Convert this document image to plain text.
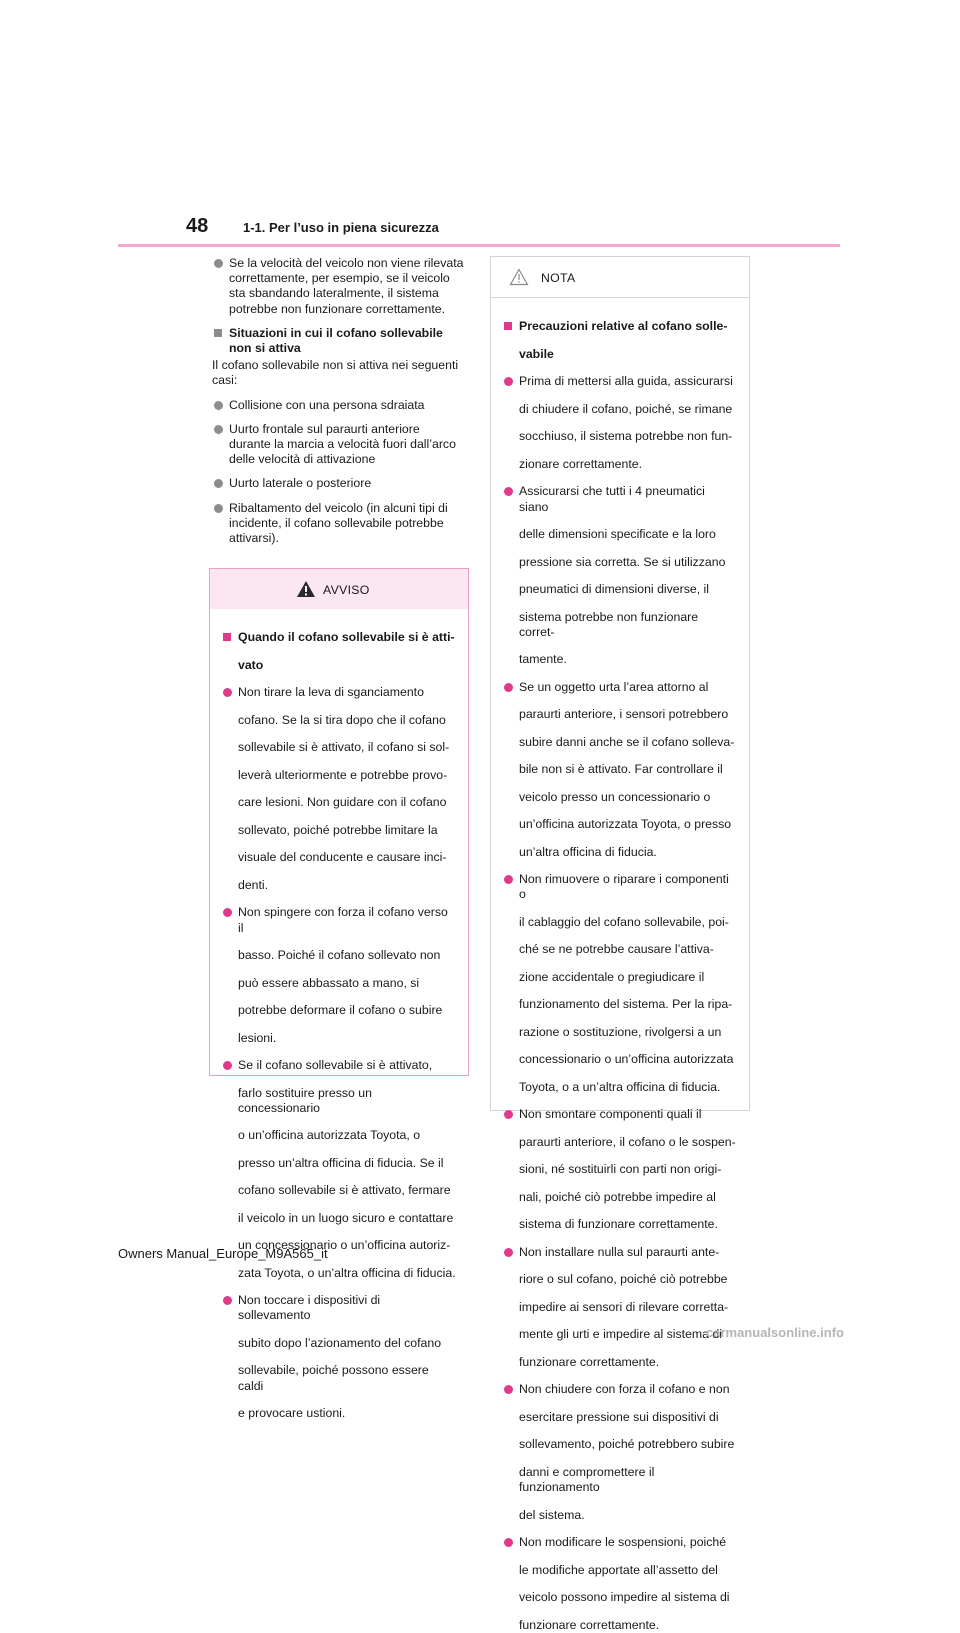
48	1-1. Per l’uso in piena sicurezza

Se la velocità del veicolo non viene rilevata

correttamente, per esempio, se il veicolo

sta sbandando lateralmente, il sistema

potrebbe non funzionare correttamente.

Situazioni in cui il cofano sollevabile

non si attiva

Il cofano sollevabile non si attiva nei seguenti

casi:

Collisione con una persona sdraiata

Uurto frontale sul paraurti anteriore

durante la marcia a velocità fuori dall’arco

delle velocità di attivazione

Uurto laterale o posteriore

Ribaltamento del veicolo (in alcuni tipi di

incidente, il cofano sollevabile potrebbe

attivarsi).

AVVISO

Quando il cofano sollevabile si è atti-

vato

Non tirare la leva di sganciamento

cofano. Se la si tira dopo che il cofano

sollevabile si è attivato, il cofano si sol-

leverà ulteriormente e potrebbe provo-

care lesioni. Non guidare con il cofano

sollevato, poiché potrebbe limitare la

visuale del conducente e causare inci-

denti.

Non spingere con forza il cofano verso il

basso. Poiché il cofano sollevato non

può essere abbassato a mano, si

potrebbe deformare il cofano o subire

lesioni.

Se il cofano sollevabile si è attivato,

farlo sostituire presso un concessionario

o un’officina autorizzata Toyota, o

presso un’altra officina di fiducia. Se il

cofano sollevabile si è attivato, fermare

il veicolo in un luogo sicuro e contattare

un concessionario o un’officina autoriz-

zata Toyota, o un’altra officina di fiducia.

Non toccare i dispositivi di sollevamento

subito dopo l’azionamento del cofano

sollevabile, poiché possono essere caldi

e provocare ustioni.

NOTA

Precauzioni relative al cofano solle-

vabile

Prima di mettersi alla guida, assicurarsi

di chiudere il cofano, poiché, se rimane

socchiuso, il sistema potrebbe non fun-

zionare correttamente.

Assicurarsi che tutti i 4 pneumatici siano

delle dimensioni specificate e la loro

pressione sia corretta. Se si utilizzano

pneumatici di dimensioni diverse, il

sistema potrebbe non funzionare corret-

tamente.

Se un oggetto urta l’area attorno al

paraurti anteriore, i sensori potrebbero

subire danni anche se il cofano solleva-

bile non si è attivato. Far controllare il

veicolo presso un concessionario o

un’officina autorizzata Toyota, o presso

un’altra officina di fiducia.

Non rimuovere o riparare i componenti o

il cablaggio del cofano sollevabile, poi-

ché se ne potrebbe causare l’attiva-

zione accidentale o pregiudicare il

funzionamento del sistema. Per la ripa-

razione o sostituzione, rivolgersi a un

concessionario o un’officina autorizzata

Toyota, o a un’altra officina di fiducia.

Non smontare componenti quali il

paraurti anteriore, il cofano o le sospen-

sioni, né sostituirli con parti non origi-

nali, poiché ciò potrebbe impedire al

sistema di funzionare correttamente.

Non installare nulla sul paraurti ante-

riore o sul cofano, poiché ciò potrebbe

impedire ai sensori di rilevare corretta-

mente gli urti e impedire al sistema di

funzionare correttamente.

Non chiudere con forza il cofano e non

esercitare pressione sui dispositivi di

sollevamento, poiché potrebbero subire

danni e compromettere il funzionamento

del sistema.

Non modificare le sospensioni, poiché

le modifiche apportate all’assetto del

veicolo possono impedire al sistema di

funzionare correttamente.

Owners Manual_Europe_M9A565_it
carmanualsonline.info
